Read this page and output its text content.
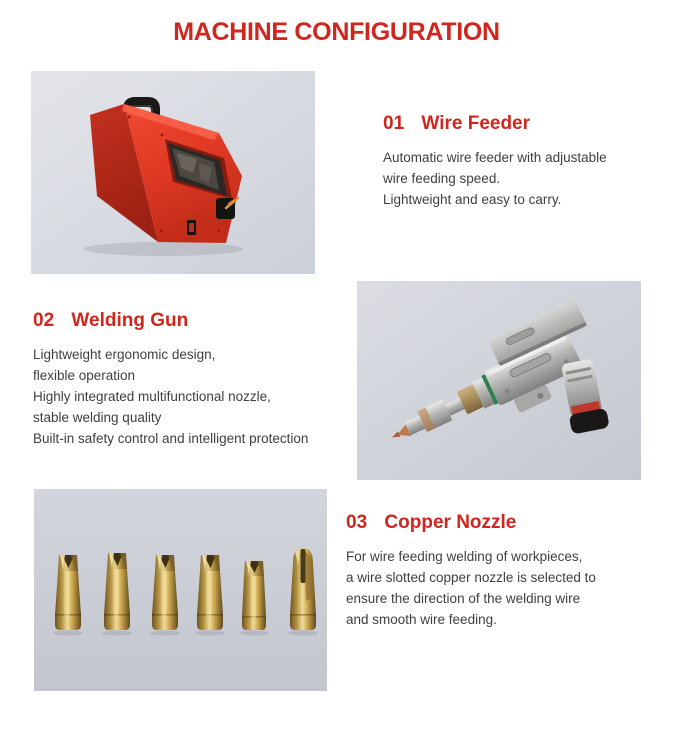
MACHINE CONFIGURATION
01 Wire Feeder

Automatic wire feeder with adjustable

wire feeding speed.

Lightweight and easy to carry.

02 Welding Gun

Lightweight ergonomic design,

flexible operation

Highly integrated multifunctional nozzle,

stable welding quality

Built-in safety control and intelligent protection

03 Copper Nozzle

For wire feeding welding of workpieces,

a wire slotted copper nozzle is selected to

ensure the direction of the welding wire

and smooth wire feeding.
